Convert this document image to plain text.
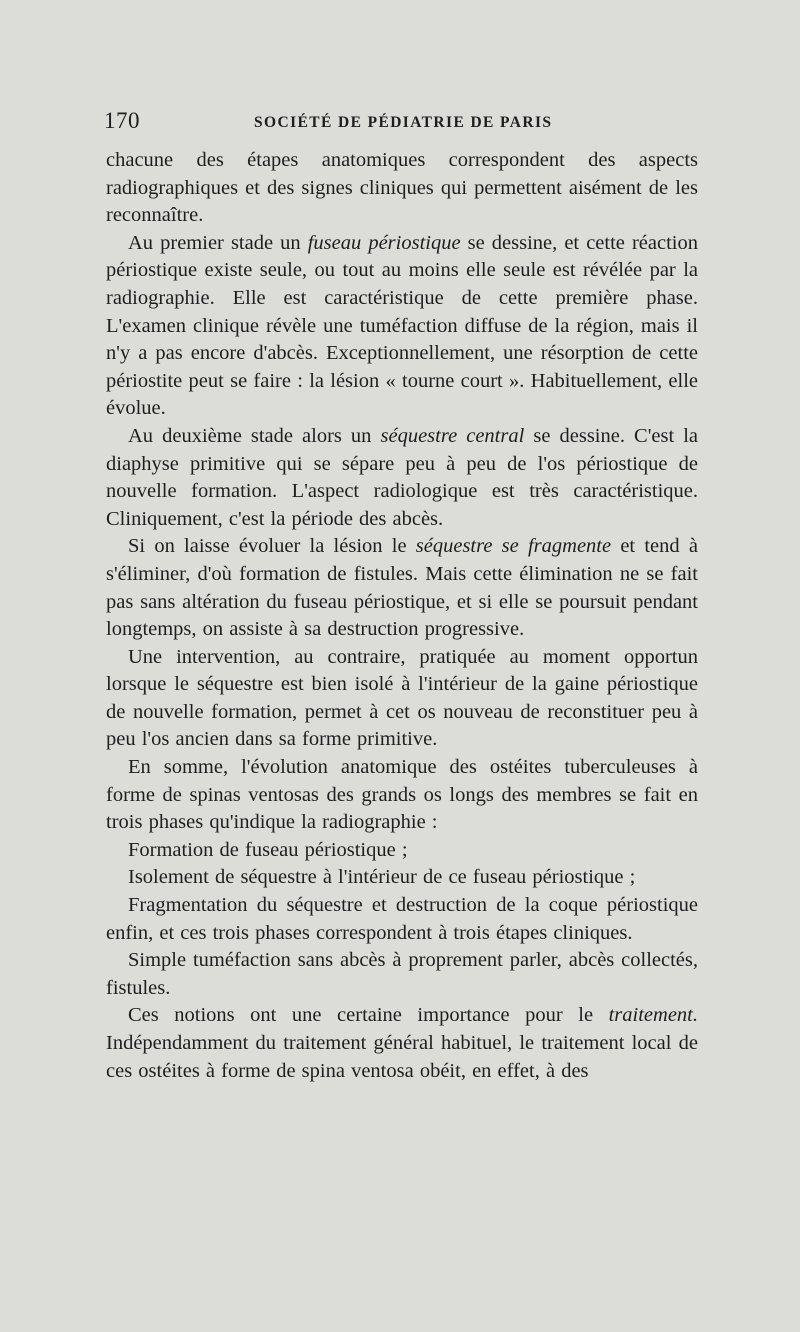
170	SOCIÉTÉ DE PÉDIATRIE DE PARIS

chacune des étapes anatomiques correspondent des aspects radiographiques et des signes cliniques qui permettent aisément de les reconnaître.

Au premier stade un fuseau périostique se dessine, et cette réaction périostique existe seule, ou tout au moins elle seule est révélée par la radiographie. Elle est caractéristique de cette première phase. L'examen clinique révèle une tuméfaction diffuse de la région, mais il n'y a pas encore d'abcès. Exceptionnellement, une résorption de cette périostite peut se faire : la lésion « tourne court ». Habituellement, elle évolue.

Au deuxième stade alors un séquestre central se dessine. C'est la diaphyse primitive qui se sépare peu à peu de l'os périostique de nouvelle formation. L'aspect radiologique est très caractéristique. Cliniquement, c'est la période des abcès.

Si on laisse évoluer la lésion le séquestre se fragmente et tend à s'éliminer, d'où formation de fistules. Mais cette élimination ne se fait pas sans altération du fuseau périostique, et si elle se poursuit pendant longtemps, on assiste à sa destruction progressive.

Une intervention, au contraire, pratiquée au moment opportun lorsque le séquestre est bien isolé à l'intérieur de la gaine périostique de nouvelle formation, permet à cet os nouveau de reconstituer peu à peu l'os ancien dans sa forme primitive.

En somme, l'évolution anatomique des ostéites tuberculeuses à forme de spinas ventosas des grands os longs des membres se fait en trois phases qu'indique la radiographie :

Formation de fuseau périostique ;

Isolement de séquestre à l'intérieur de ce fuseau périostique ;

Fragmentation du séquestre et destruction de la coque périostique enfin, et ces trois phases correspondent à trois étapes cliniques.

Simple tuméfaction sans abcès à proprement parler, abcès collectés, fistules.

Ces notions ont une certaine importance pour le traitement. Indépendamment du traitement général habituel, le traitement local de ces ostéites à forme de spina ventosa obéit, en effet, à des
